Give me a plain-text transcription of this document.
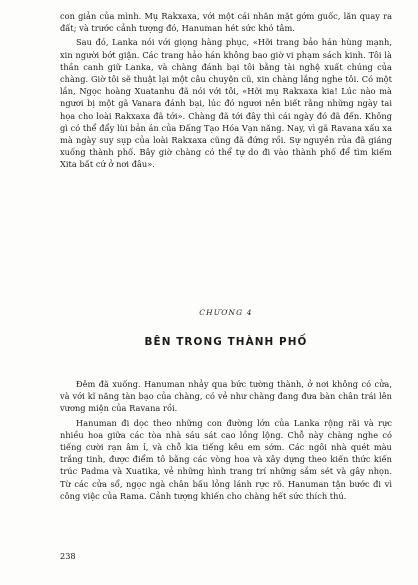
con giản của mình. Mụ Rakxaxa, với một cái nhăn mặt gớm guốc, lăn quay ra đất; và trước cảnh tượng đó, Hanuman hét sức khó tâm.

Sau đó, Lanka nói với giọng hàng phục, «Hỡi trang bảo hán hùng mạnh, xin người bớt giận. Các trang hảo hán không bao giờ vi phạm sách kinh. Tôi là thần canh giữ Lanka, và chàng đánh bại tôi bằng tài nghệ xuất chúng của chàng. Giờ tôi sẽ thuật lại một câu chuyện cũ, xin chàng lắng nghe tôi. Có một lần, Ngọc hoàng Xuatanhu đã nói với tôi, «Hỡi mụ Rakxaxa kia! Lúc nào mà ngươi bị một gã Vanara đánh bại, lúc đó ngươi nên biết rằng những ngày tai họa cho loài Rakxaxa đã tới». Chàng đã tới đây thì cái ngày đó đã đến. Không gì có thể đẩy lùi bản án của Đấng Tạo Hóa Vạn năng. Nay, vì gã Ravana xấu xa mà ngày suy sụp của loài Rakxaxa cũng đã đứng rồi. Sự nguyền rủa đã giáng xuống thành phố. Bây giờ chàng có thể tự do đi vào thành phố để tìm kiếm Xita bất cứ ở nơi đâu».

CHƯƠNG 4
BÊN TRONG THÀNH PHỐ

Đêm đã xuống. Hanuman nhảy qua bức tường thành, ở nơi không có cửa, và với kĩ năng tàn bạo của chàng, có vẻ như chàng đang đưa bàn chân trái lên vương miện của Ravana rồi.

Hanuman đi dọc theo những con đường lớn của Lanka rộng rãi và rực nhiều hoa giữa các tòa nhà sáu sát cao lồng lộng. Chỗ này chàng nghe có tiếng cười rạn âm ỉ, và chỗ kia tiếng kêu em sớm. Các ngôi nhà quét màu trắng tinh, được điểm tô bằng các vòng hoa và xây dựng theo kiến thức kiến trúc Padma và Xuatika, vẻ những hình trang trí những sắm sét và gây nhọn. Từ các cửa sổ, ngọc ngà chân bấu lỏng lánh rực rõ. Hanuman tận bước đi vì công việc của Rama. Cảnh tượng khiến cho chàng hết sức thích thú.

238
